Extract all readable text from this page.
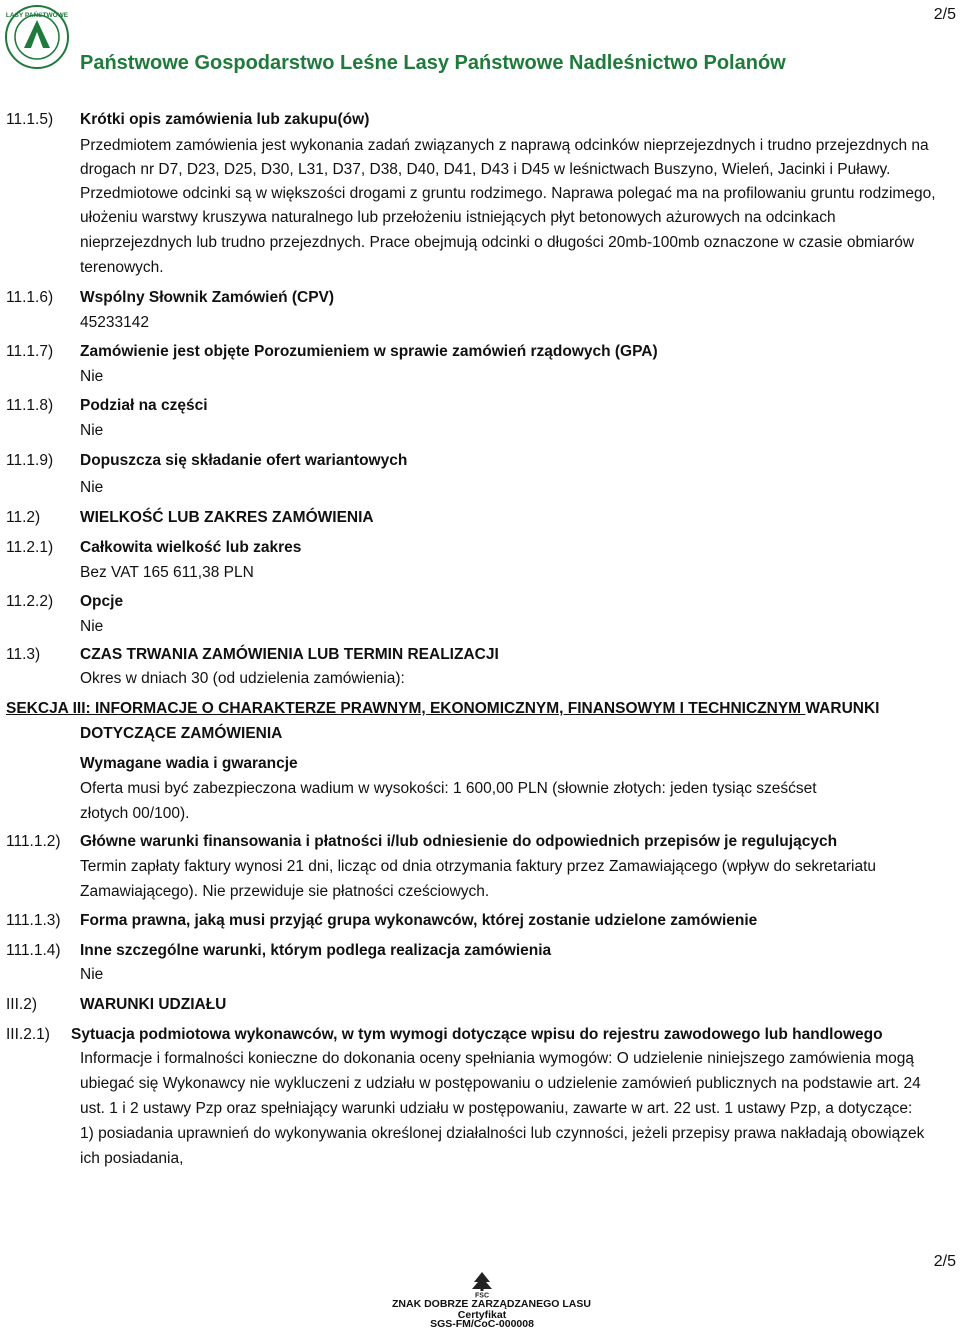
2/5
LASY PAŃSTWOWE
Państwowe Gospodarstwo Leśne Lasy Państwowe Nadleśnictwo Polanów
11.1.5) Krótki opis zamówienia lub zakupu(ów)
Przedmiotem zamówienia jest wykonania zadań związanych z naprawą odcinków nieprzejezdnych i trudno przejezdnych na
drogach nr D7, D23, D25, D30, L31, D37, D38, D40, D41, D43 i D45 w leśnictwach Buszyno, Wieleń, Jacinki i Puławy.
Przedmiotowe odcinki są w większości drogami z gruntu rodzimego. Naprawa polegać ma na profilowaniu gruntu rodzimego,
ułożeniu warstwy kruszywa naturalnego lub przełożeniu istniejących płyt betonowych ażurowych na odcinkach
nieprzejezdnych lub trudno przejezdnych. Prace obejmują odcinki o długości 20mb-100mb oznaczone w czasie obmiarów
terenowych.
11.1.6) Wspólny Słownik Zamówień (CPV)
45233142
11.1.7) Zamówienie jest objęte Porozumieniem w sprawie zamówień rządowych (GPA)
Nie
11.1.8) Podział na części
Nie
11.1.9) Dopuszcza się składanie ofert wariantowych
Nie
11.2)	WIELKOŚĆ LUB ZAKRES ZAMÓWIENIA
11.2.1) Całkowita wielkość lub zakres
Bez VAT 165 611,38 PLN
11.2.2) Opcje
Nie
11.3)	CZAS TRWANIA ZAMÓWIENIA LUB TERMIN REALIZACJI
Okres w dniach 30 (od udzielenia zamówienia):
SEKCJA III: INFORMACJE O CHARAKTERZE PRAWNYM, EKONOMICZNYM, FINANSOWYM I TECHNICZNYM WARUNKI
DOTYCZĄCE ZAMÓWIENIA
Wymagane wadia i gwarancje
Oferta musi być zabezpieczona wadium w wysokości: 1 600,00 PLN (słownie złotych: jeden tysiąc sześćset
złotych 00/100).
111.1.2) Główne warunki finansowania i płatności i/lub odniesienie do odpowiednich przepisów je regulujących
Termin zapłaty faktury wynosi 21 dni, licząc od dnia otrzymania faktury przez Zamawiającego (wpływ do sekretariatu
Zamawiającego). Nie przewiduje sie płatności cześciowych.
111.1.3) Forma prawna, jaką musi przyjąć grupa wykonawców, której zostanie udzielone zamówienie
111.1.4) Inne szczególne warunki, którym podlega realizacja zamówienia
Nie
III.2)	WARUNKI UDZIAŁU
III.2.1) Sytuacja podmiotowa wykonawców, w tym wymogi dotyczące wpisu do rejestru zawodowego lub handlowego
Informacje i formalności konieczne do dokonania oceny spełniania wymogów: O udzielenie niniejszego zamówienia mogą
ubiegać się Wykonawcy nie wykluczeni z udziału w postępowaniu o udzielenie zamówień publicznych na podstawie art. 24
ust. 1 i 2 ustawy Pzp oraz spełniający warunki udziału w postępowaniu, zawarte w art. 22 ust. 1 ustawy Pzp, a dotyczące:
1) posiadania uprawnień do wykonywania określonej działalności lub czynności, jeżeli przepisy prawa nakładają obowiązek
ich posiadania,
2/5
FSC
ZNAK DOBRZE ZARZĄDZANEGO LASU
Certyfikat
SGS-FM/CoC-000008
